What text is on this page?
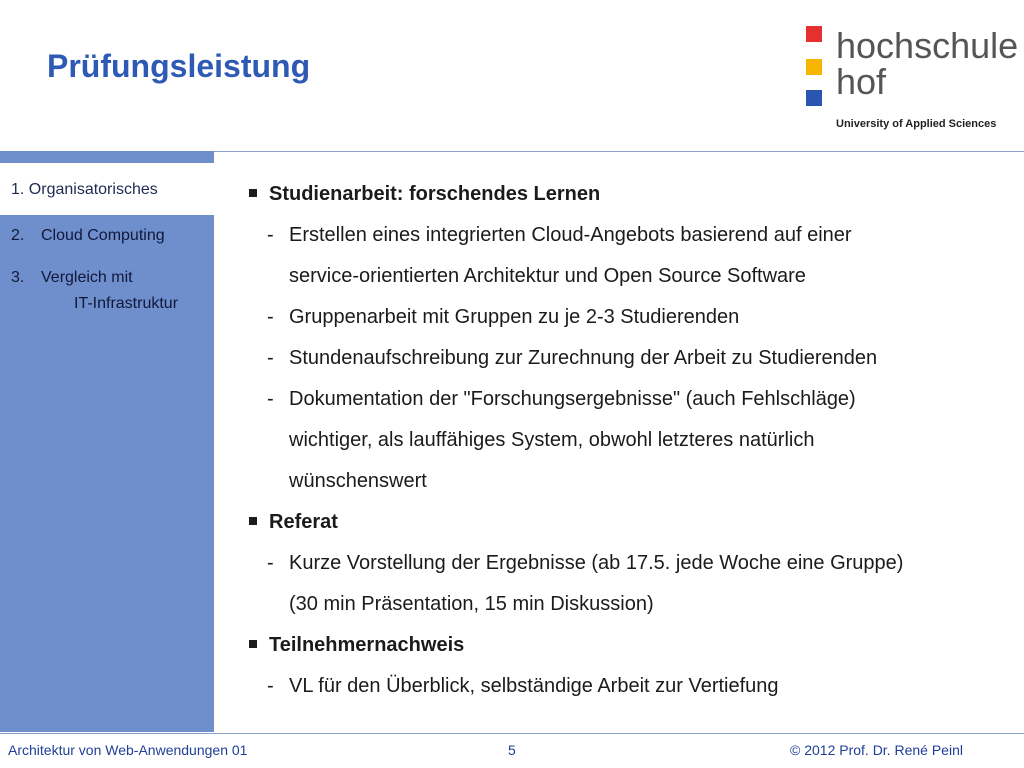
Prüfungsleistung	hochschule
hof
University of Applied Sciences
1. Organisatorisches
2. Cloud Computing
3. Vergleich mit
IT-Infrastruktur
Studienarbeit: forschendes Lernen
- Erstellen eines integrierten Cloud-Angebots basierend auf einer
service-orientierten Architektur und Open Source Software
- Gruppenarbeit mit Gruppen zu je 2-3 Studierenden
- Stundenaufschreibung zur Zurechnung der Arbeit zu Studierenden
- Dokumentation der "Forschungsergebnisse" (auch Fehlschläge)
wichtiger, als lauffähiges System, obwohl letzteres natürlich
wünschenswert
Referat
- Kurze Vorstellung der Ergebnisse (ab 17.5. jede Woche eine Gruppe)
(30 min Präsentation, 15 min Diskussion)
Teilnehmernachweis
- VL für den Überblick, selbständige Arbeit zur Vertiefung
Architektur von Web-Anwendungen 01	5	© 2012 Prof. Dr. René Peinl
